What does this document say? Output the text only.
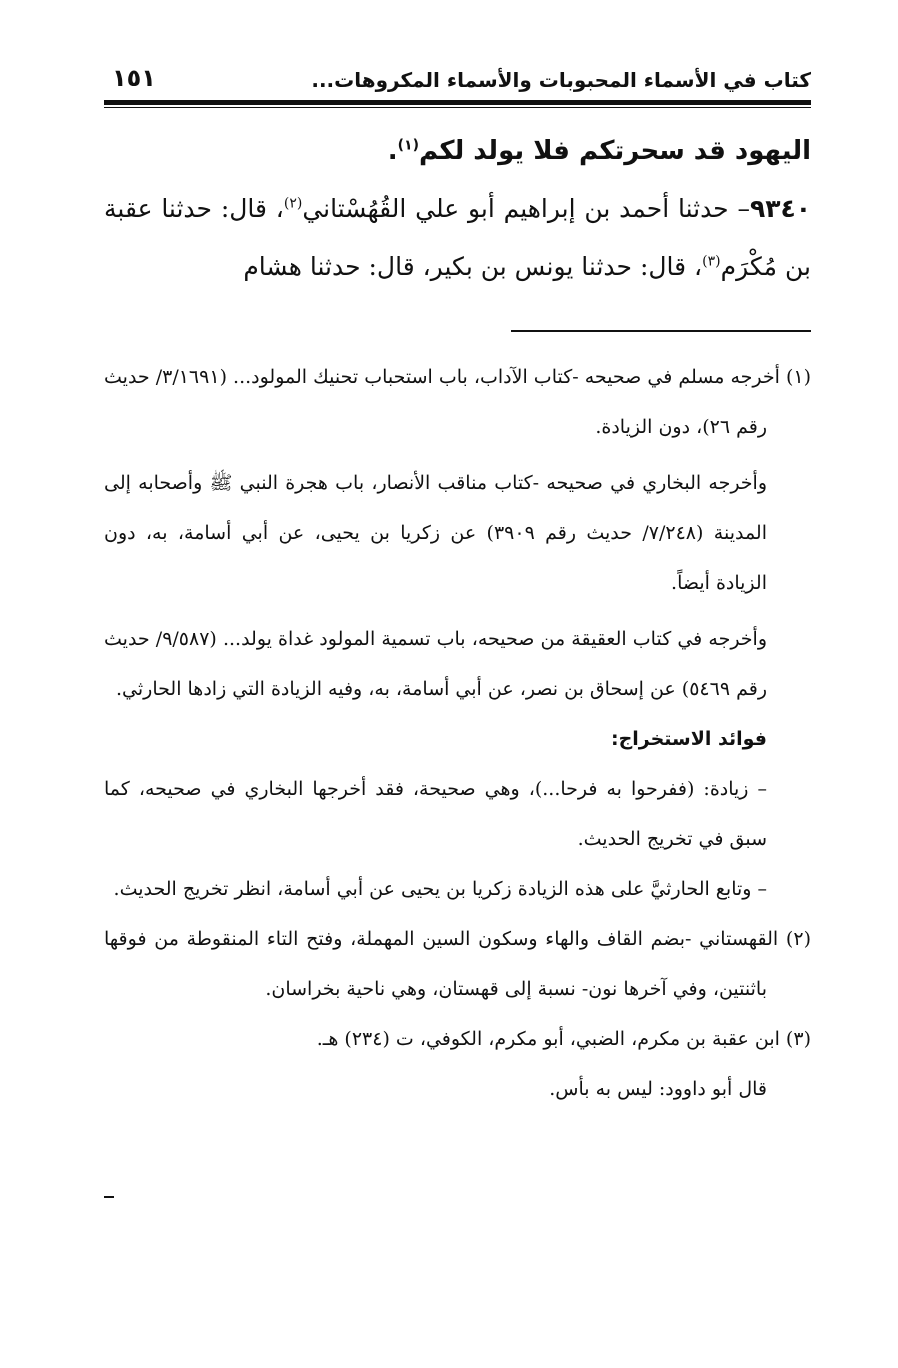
كتاب في الأسماء المحبوبات والأسماء المكروهات...
١٥١

اليهود قد سحرتكم فلا يولد لكم$^{(١)}$.

٩٣٤٠– حدثنا أحمد بن إبراهيم أبو علي القُهُسْتاني$^{(٢)}$، قال: حدثنا عقبة بن مُكْرَم$^{(٣)}$، قال: حدثنا يونس بن بكير، قال: حدثنا هشام

(١) أخرجه مسلم في صحيحه -كتاب الآداب، باب استحباب تحنيك المولود... (٣/١٦٩١/ حديث رقم ٢٦)، دون الزيادة.

وأخرجه البخاري في صحيحه -كتاب مناقب الأنصار، باب هجرة النبي ﷺ وأصحابه إلى المدينة (٧/٢٤٨/ حديث رقم ٣٩٠٩) عن زكريا بن يحيى، عن أبي أسامة، به، دون الزيادة أيضاً.

وأخرجه في كتاب العقيقة من صحيحه، باب تسمية المولود غداة يولد... (٩/٥٨٧/ حديث رقم ٥٤٦٩) عن إسحاق بن نصر، عن أبي أسامة، به، وفيه الزيادة التي زادها الحارثي.

فوائد الاستخراج:

– زيادة: (ففرحوا به فرحا...)، وهي صحيحة، فقد أخرجها البخاري في صحيحه، كما سبق في تخريج الحديث.

– وتابع الحارثيَّ على هذه الزيادة زكريا بن يحيى عن أبي أسامة، انظر تخريج الحديث.

(٢) القهستاني -بضم القاف والهاء وسكون السين المهملة، وفتح التاء المنقوطة من فوقها باثنتين، وفي آخرها نون- نسبة إلى قهستان، وهي ناحية بخراسان.

(٣) ابن عقبة بن مكرم، الضبي، أبو مكرم، الكوفي، ت (٢٣٤) هـ.

قال أبو داوود: ليس به بأس.
